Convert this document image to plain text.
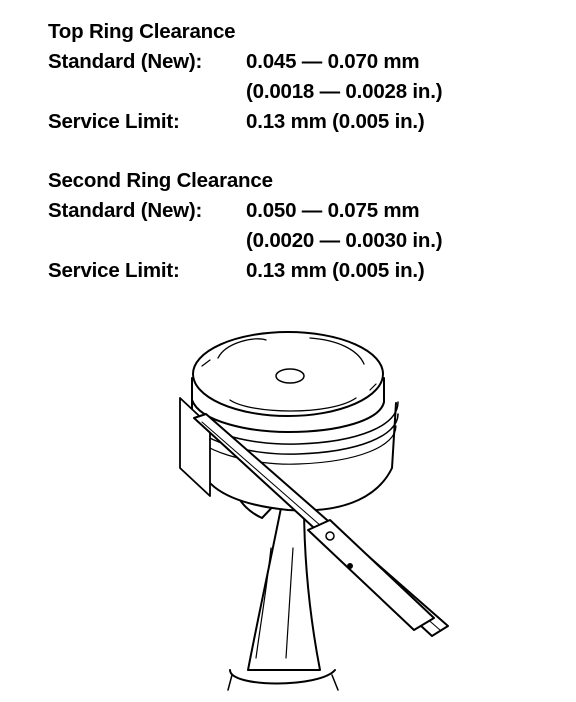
Top Ring Clearance
Standard (New): 0.045 — 0.070 mm
(0.0018 — 0.0028 in.)
Service Limit:	0.13 mm (0.005 in.)
Second Ring Clearance
Standard (New): 0.050 — 0.075 mm
(0.0020 — 0.0030 in.)
Service Limit:	0.13 mm (0.005 in.)
